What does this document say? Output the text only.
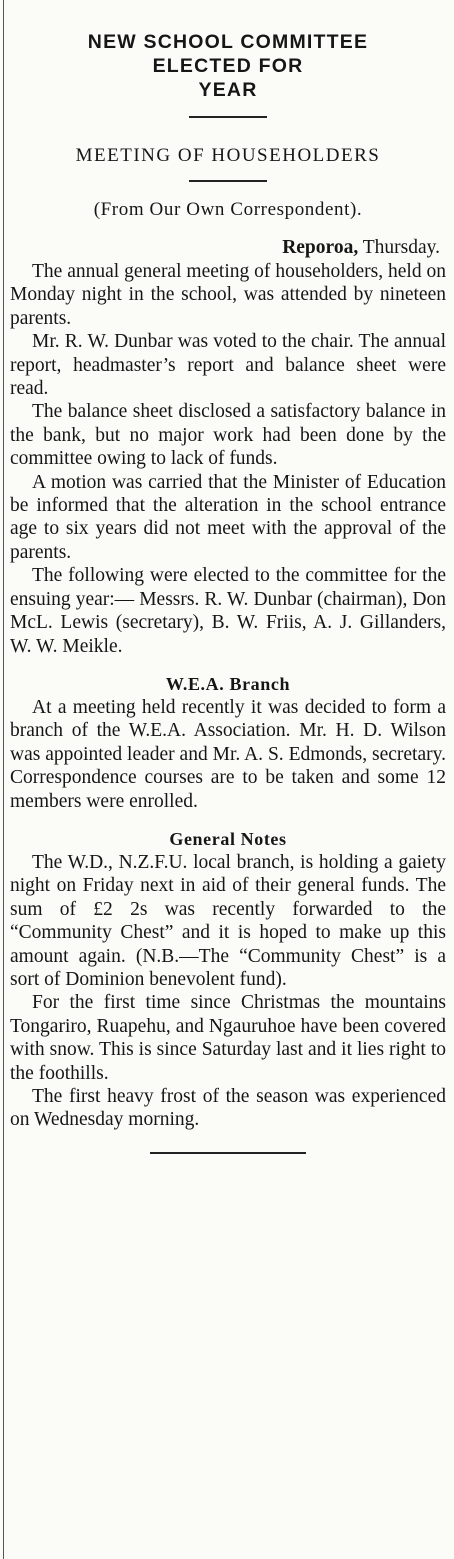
NEW SCHOOL COMMITTEE
ELECTED FOR
YEAR
MEETING OF HOUSEHOLDERS
(From Our Own Correspondent).
Reporoa, Thursday.

The annual general meeting of householders, held on Monday night in the school, was attended by nineteen parents.

Mr. R. W. Dunbar was voted to the chair. The annual report, headmaster’s report and balance sheet were read.

The balance sheet disclosed a satisfactory balance in the bank, but no major work had been done by the committee owing to lack of funds.

A motion was carried that the Minister of Education be informed that the alteration in the school entrance age to six years did not meet with the approval of the parents.

The following were elected to the committee for the ensuing year:— Messrs. R. W. Dunbar (chairman), Don McL. Lewis (secretary), B. W. Friis, A. J. Gillanders, W. W. Meikle.

W.E.A. Branch

At a meeting held recently it was decided to form a branch of the W.E.A. Association. Mr. H. D. Wilson was appointed leader and Mr. A. S. Edmonds, secretary. Correspondence courses are to be taken and some 12 members were enrolled.

General Notes

The W.D., N.Z.F.U. local branch, is holding a gaiety night on Friday next in aid of their general funds. The sum of £2 2s was recently forwarded to the “Community Chest” and it is hoped to make up this amount again. (N.B.—The “Community Chest” is a sort of Dominion benevolent fund).

For the first time since Christmas the mountains Tongariro, Ruapehu, and Ngauruhoe have been covered with snow. This is since Saturday last and it lies right to the foothills.

The first heavy frost of the season was experienced on Wednesday morning.
